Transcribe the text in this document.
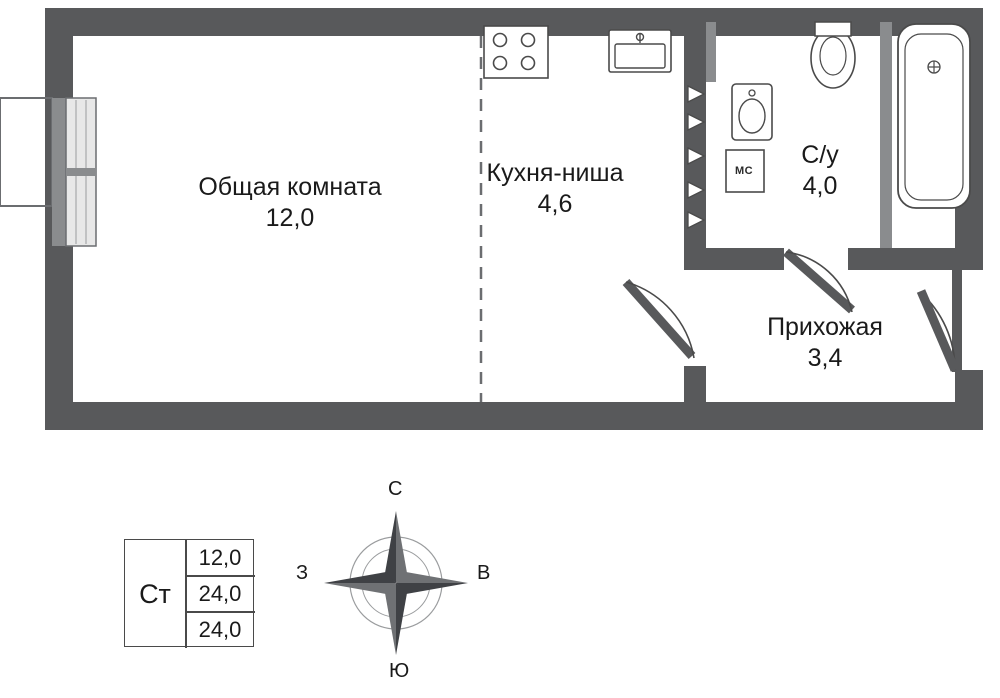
Общая комната
12,0
Кухня-ниша
4,6
С/у
4,0
Прихожая
3,4
МС
Ст
12,0
24,0
24,0
С
Ю
З	В
